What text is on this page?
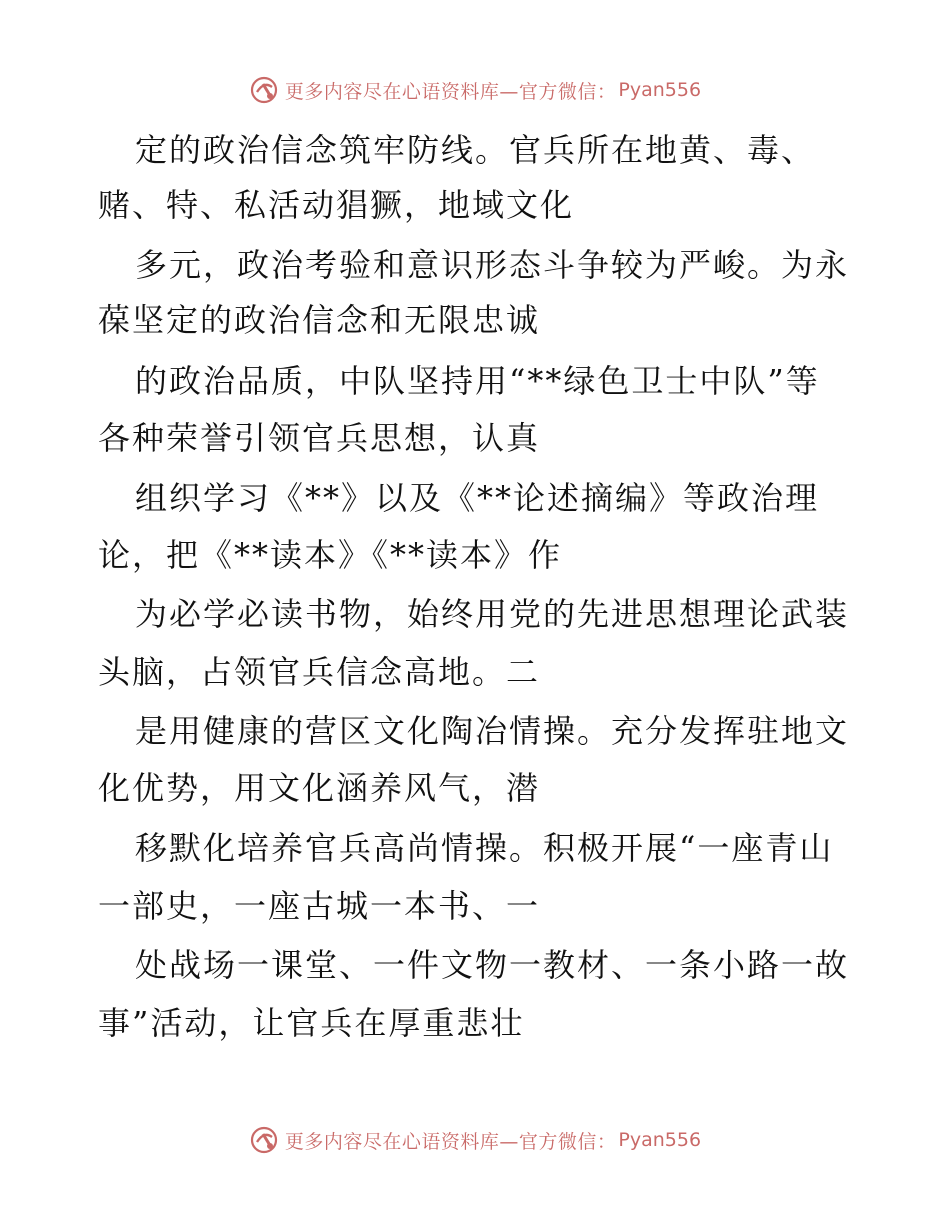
更多内容尽在心语资料库—官方微信： Pyan556
定的政治信念筑牢防线。官兵所在地黄、毒、
赌、特、私活动猖獗，地域文化
多元，政治考验和意识形态斗争较为严峻。为永
葆坚定的政治信念和无限忠诚
的政治品质，中队坚持用“**绿色卫士中队”等
各种荣誉引领官兵思想，认真
组织学习《**》以及《**论述摘编》等政治理
论，把《**读本》《**读本》作
为必学必读书物，始终用党的先进思想理论武装
头脑，占领官兵信念高地。二
是用健康的营区文化陶冶情操。充分发挥驻地文
化优势，用文化涵养风气，潜
移默化培养官兵高尚情操。积极开展“一座青山
一部史，一座古城一本书、一
处战场一课堂、一件文物一教材、一条小路一故
事”活动，让官兵在厚重悲壮
更多内容尽在心语资料库—官方微信： Pyan556
